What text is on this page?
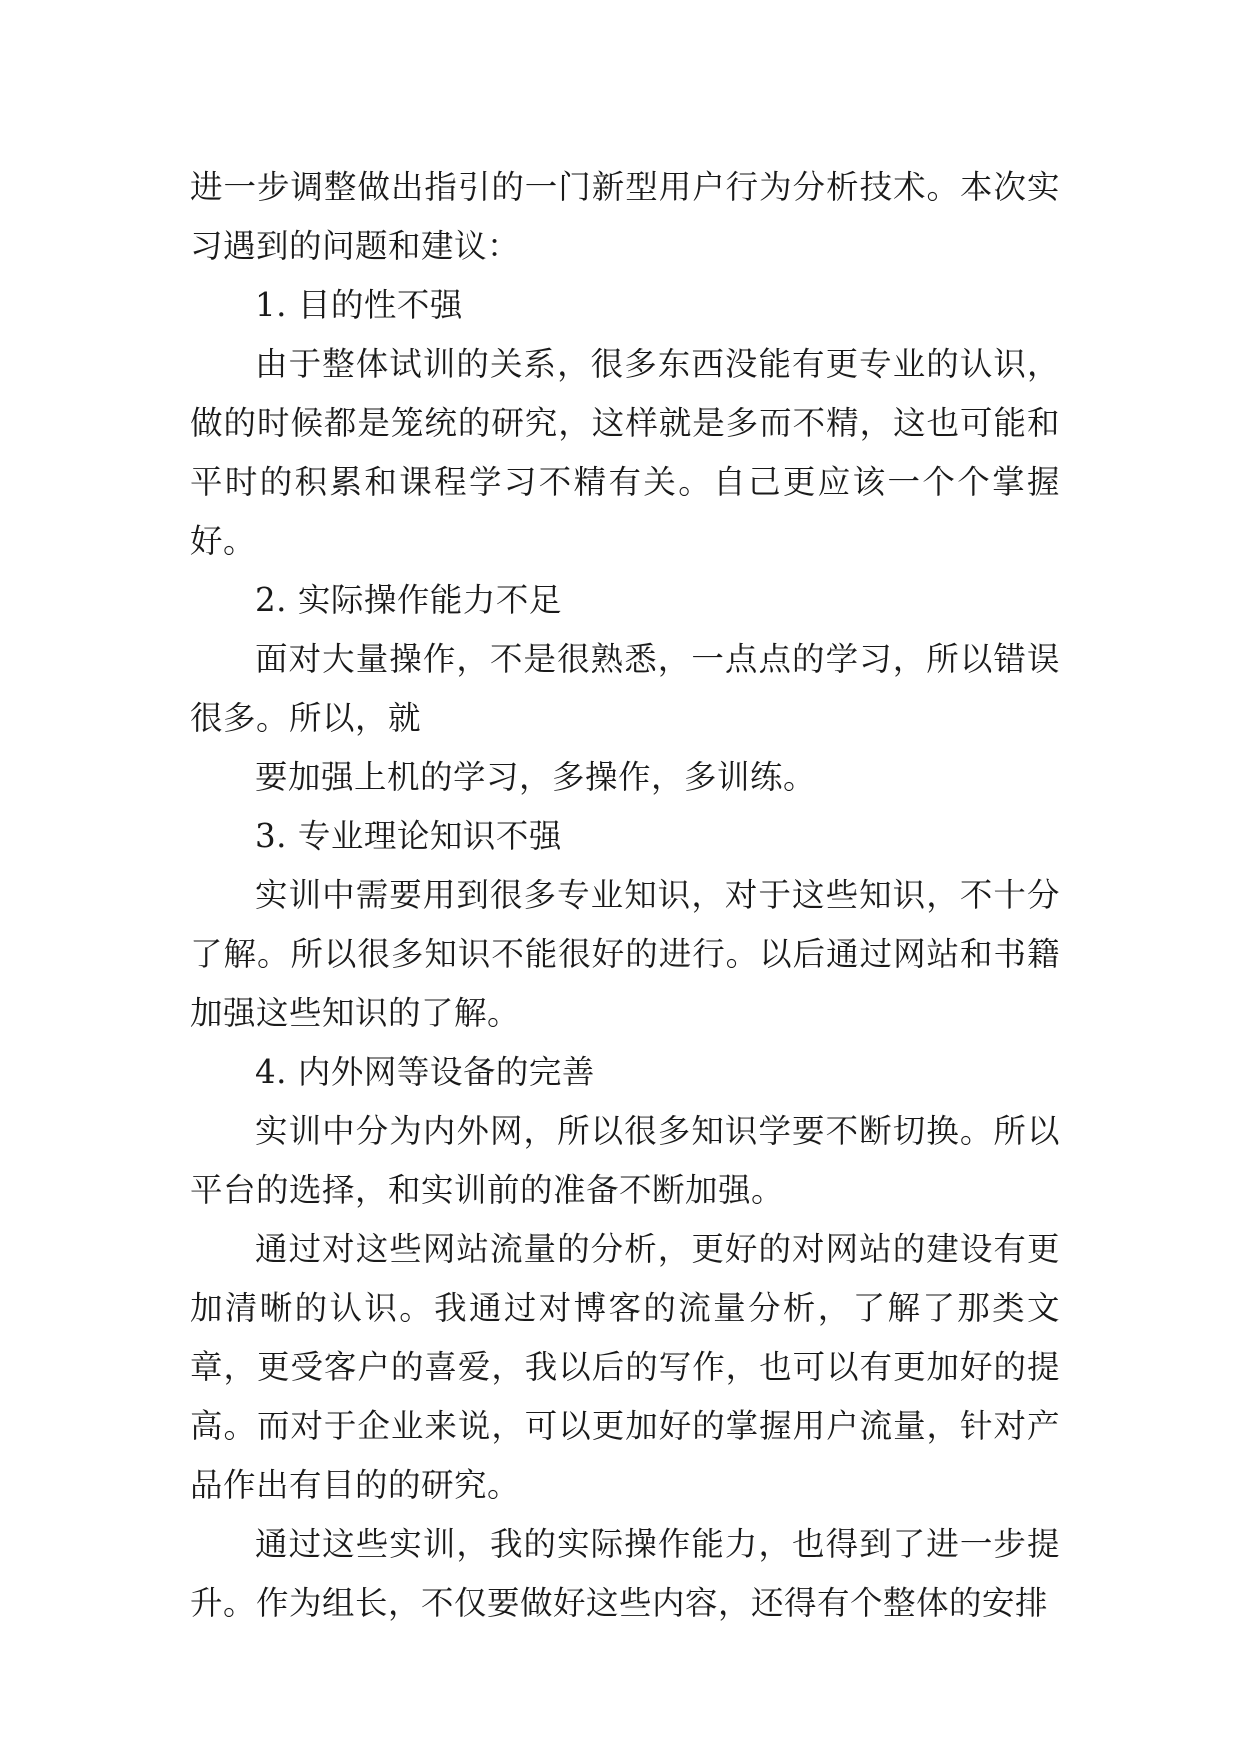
进一步调整做出指引的一门新型用户行为分析技术。本次实习遇到的问题和建议：

1. 目的性不强

由于整体试训的关系，很多东西没能有更专业的认识，做的时候都是笼统的研究，这样就是多而不精，这也可能和平时的积累和课程学习不精有关。自己更应该一个个掌握好。

2. 实际操作能力不足

面对大量操作，不是很熟悉，一点点的学习，所以错误很多。所以，就

要加强上机的学习，多操作，多训练。

3. 专业理论知识不强

实训中需要用到很多专业知识，对于这些知识，不十分了解。所以很多知识不能很好的进行。以后通过网站和书籍加强这些知识的了解。

4. 内外网等设备的完善

实训中分为内外网，所以很多知识学要不断切换。所以平台的选择，和实训前的准备不断加强。

通过对这些网站流量的分析，更好的对网站的建设有更加清晰的认识。我通过对博客的流量分析，了解了那类文章，更受客户的喜爱，我以后的写作，也可以有更加好的提高。而对于企业来说，可以更加好的掌握用户流量，针对产品作出有目的的研究。

通过这些实训，我的实际操作能力，也得到了进一步提升。作为组长，不仅要做好这些内容，还得有个整体的安排
